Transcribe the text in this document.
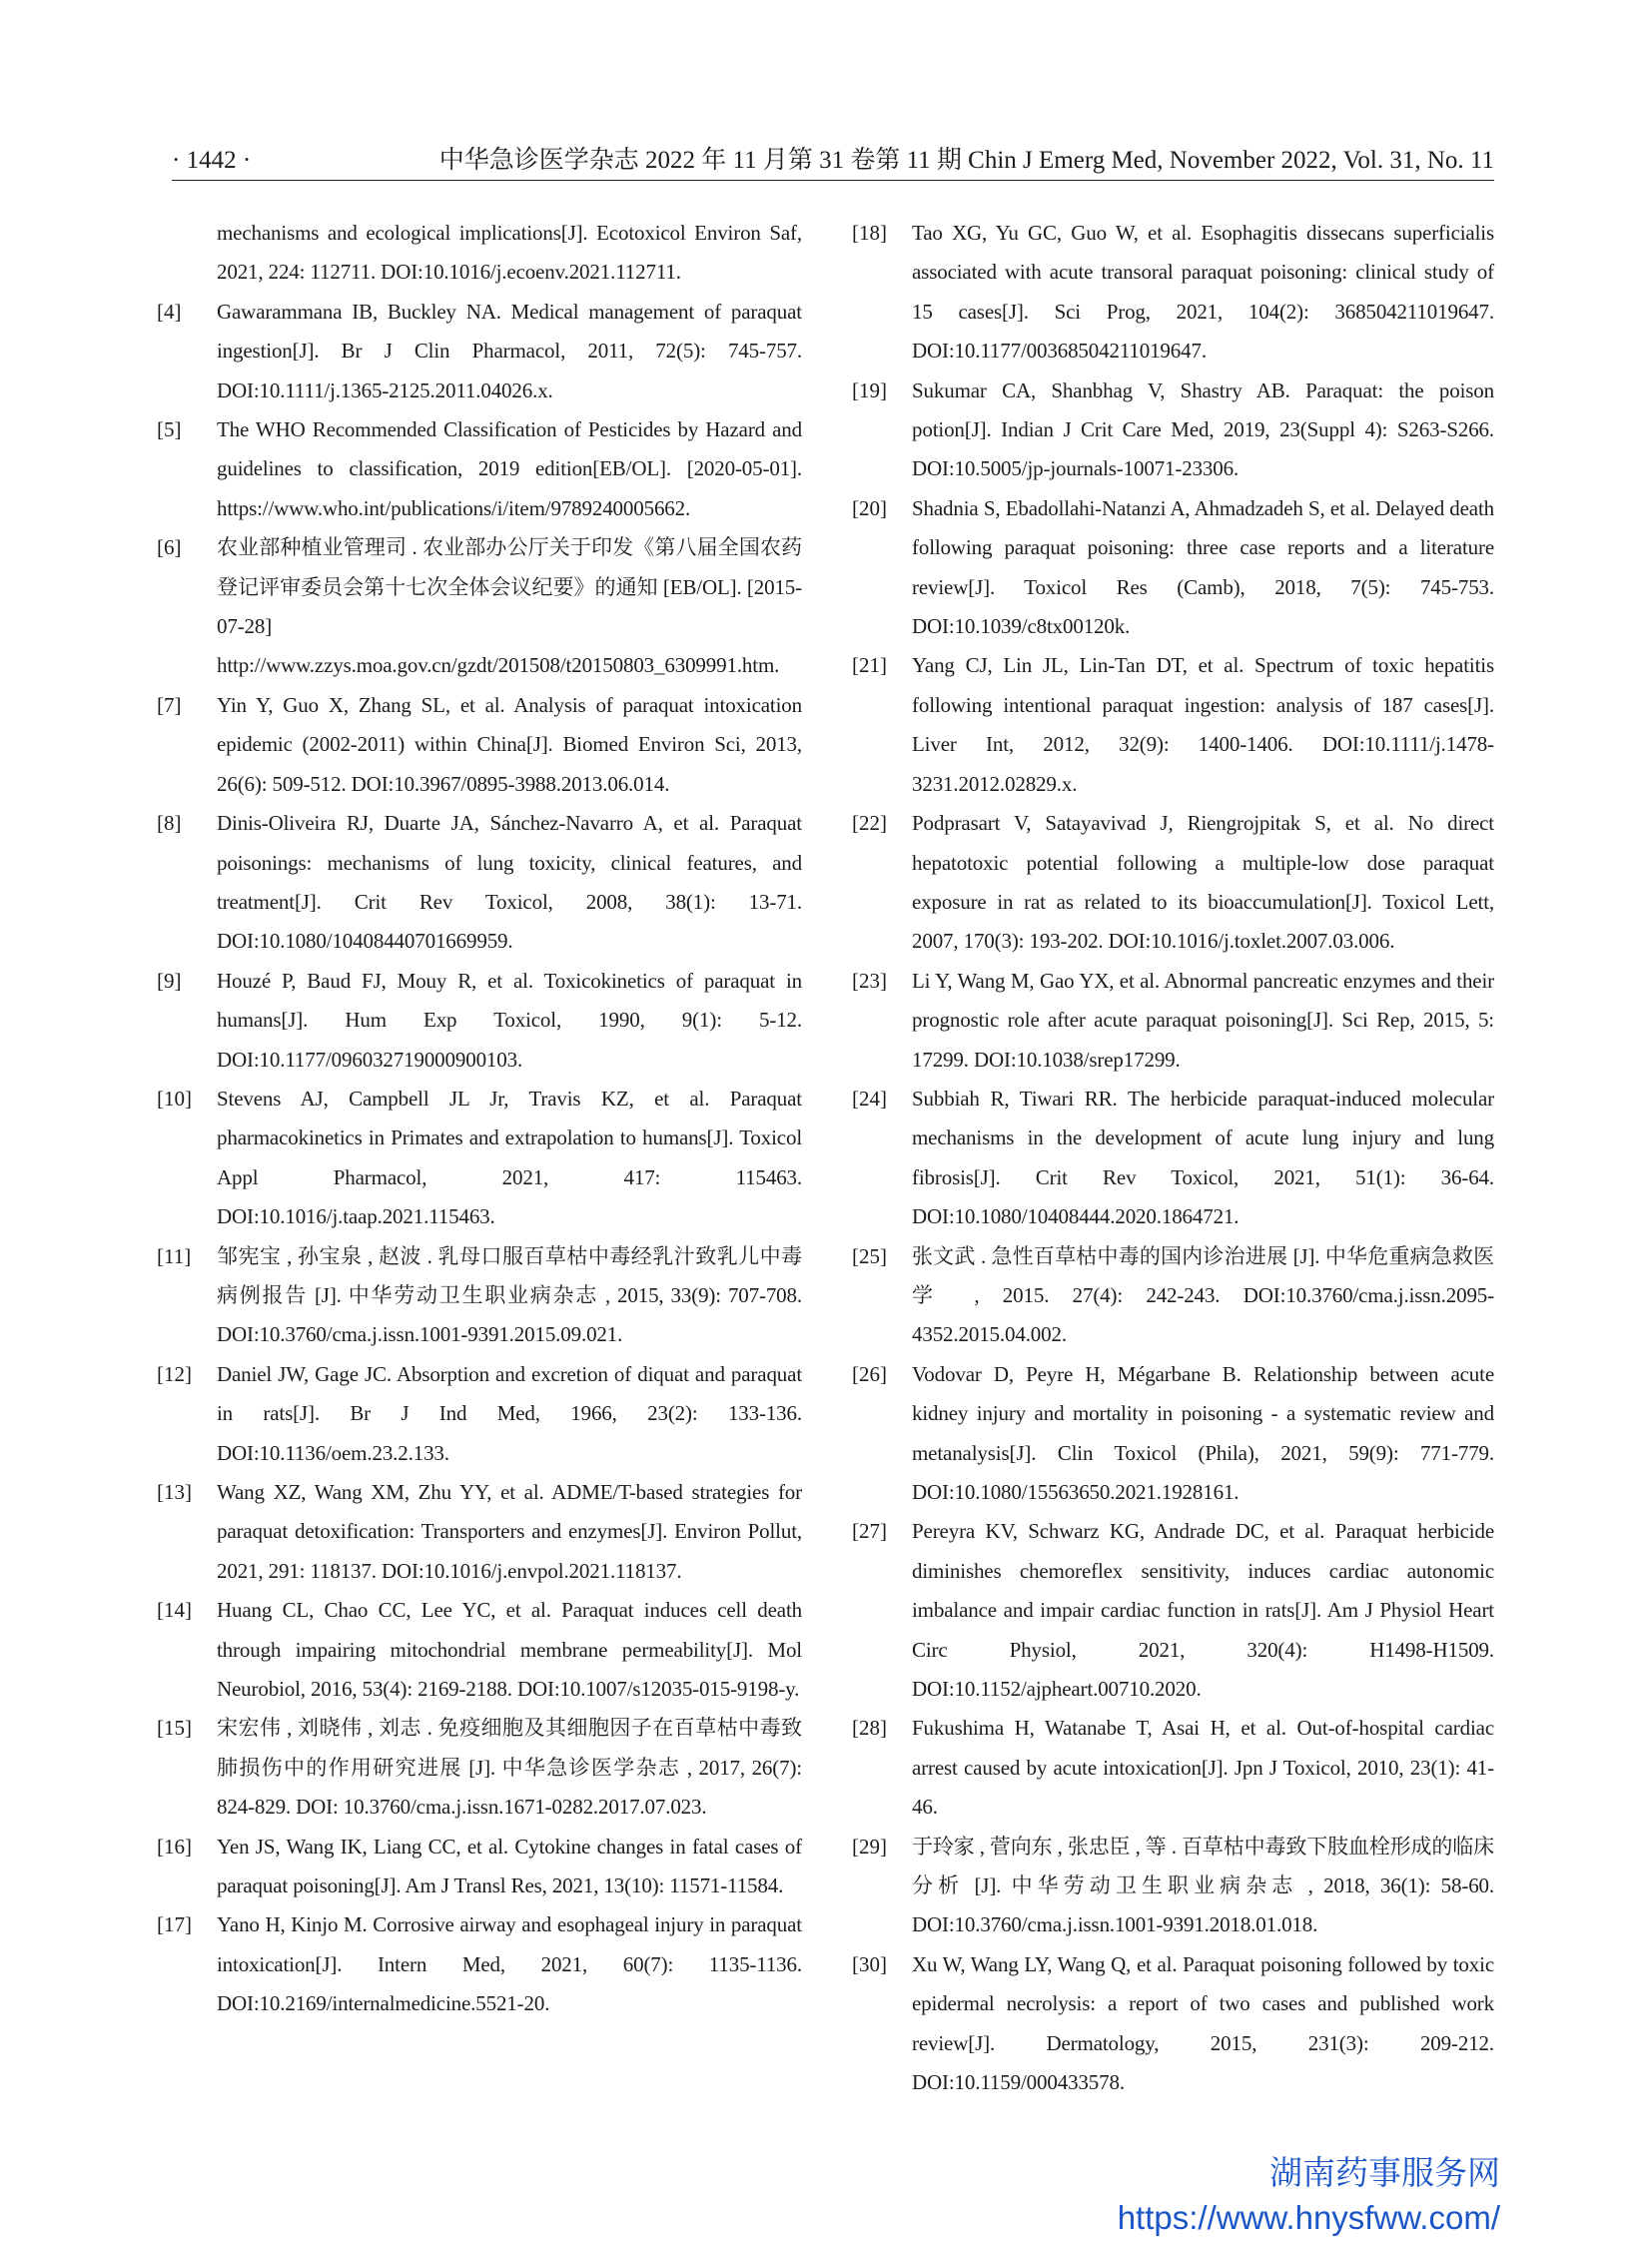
· 1442 ·	中华急诊医学杂志 2022 年 11 月第 31 卷第 11 期 Chin J Emerg Med, November 2022, Vol. 31, No. 11
mechanisms and ecological implications[J]. Ecotoxicol Environ Saf, 2021, 224: 112711. DOI:10.1016/j.ecoenv.2021.112711.
[4] Gawarammana IB, Buckley NA. Medical management of paraquat ingestion[J]. Br J Clin Pharmacol, 2011, 72(5): 745-757. DOI:10.1111/j.1365-2125.2011.04026.x.
[5] The WHO Recommended Classification of Pesticides by Hazard and guidelines to classification, 2019 edition[EB/OL]. [2020-05-01]. https://www.who.int/publications/i/item/9789240005662.
[6] 农业部种植业管理司 . 农业部办公厅关于印发《第八届全国农药登记评审委员会第十七次全体会议纪要》的通知 [EB/OL]. [2015-07-28] http://www.zzys.moa.gov.cn/gzdt/201508/t20150803_6309991.htm.
[7] Yin Y, Guo X, Zhang SL, et al. Analysis of paraquat intoxication epidemic (2002-2011) within China[J]. Biomed Environ Sci, 2013, 26(6): 509-512. DOI:10.3967/0895-3988.2013.06.014.
[8] Dinis-Oliveira RJ, Duarte JA, Sánchez-Navarro A, et al. Paraquat poisonings: mechanisms of lung toxicity, clinical features, and treatment[J]. Crit Rev Toxicol, 2008, 38(1): 13-71. DOI:10.1080/10408440701669959.
[9] Houzé P, Baud FJ, Mouy R, et al. Toxicokinetics of paraquat in humans[J]. Hum Exp Toxicol, 1990, 9(1): 5-12. DOI:10.1177/096032719000900103.
[10] Stevens AJ, Campbell JL Jr, Travis KZ, et al. Paraquat pharmacokinetics in Primates and extrapolation to humans[J]. Toxicol Appl Pharmacol, 2021, 417: 115463. DOI:10.1016/j.taap.2021.115463.
[11] 邹宪宝 , 孙宝泉 , 赵波 . 乳母口服百草枯中毒经乳汁致乳儿中毒病例报告 [J]. 中华劳动卫生职业病杂志 , 2015, 33(9): 707-708. DOI:10.3760/cma.j.issn.1001-9391.2015.09.021.
[12] Daniel JW, Gage JC. Absorption and excretion of diquat and paraquat in rats[J]. Br J Ind Med, 1966, 23(2): 133-136. DOI:10.1136/oem.23.2.133.
[13] Wang XZ, Wang XM, Zhu YY, et al. ADME/T-based strategies for paraquat detoxification: Transporters and enzymes[J]. Environ Pollut, 2021, 291: 118137. DOI:10.1016/j.envpol.2021.118137.
[14] Huang CL, Chao CC, Lee YC, et al. Paraquat induces cell death through impairing mitochondrial membrane permeability[J]. Mol Neurobiol, 2016, 53(4): 2169-2188. DOI:10.1007/s12035-015-9198-y.
[15] 宋宏伟 , 刘晓伟 , 刘志 . 免疫细胞及其细胞因子在百草枯中毒致肺损伤中的作用研究进展 [J]. 中华急诊医学杂志 , 2017, 26(7): 824-829. DOI: 10.3760/cma.j.issn.1671-0282.2017.07.023.
[16] Yen JS, Wang IK, Liang CC, et al. Cytokine changes in fatal cases of paraquat poisoning[J]. Am J Transl Res, 2021, 13(10): 11571-11584.
[17] Yano H, Kinjo M. Corrosive airway and esophageal injury in paraquat intoxication[J]. Intern Med, 2021, 60(7): 1135-1136. DOI:10.2169/internalmedicine.5521-20.
[18] Tao XG, Yu GC, Guo W, et al. Esophagitis dissecans superficialis associated with acute transoral paraquat poisoning: clinical study of 15 cases[J]. Sci Prog, 2021, 104(2): 368504211019647. DOI:10.1177/00368504211019647.
[19] Sukumar CA, Shanbhag V, Shastry AB. Paraquat: the poison potion[J]. Indian J Crit Care Med, 2019, 23(Suppl 4): S263-S266. DOI:10.5005/jp-journals-10071-23306.
[20] Shadnia S, Ebadollahi-Natanzi A, Ahmadzadeh S, et al. Delayed death following paraquat poisoning: three case reports and a literature review[J]. Toxicol Res (Camb), 2018, 7(5): 745-753. DOI:10.1039/c8tx00120k.
[21] Yang CJ, Lin JL, Lin-Tan DT, et al. Spectrum of toxic hepatitis following intentional paraquat ingestion: analysis of 187 cases[J]. Liver Int, 2012, 32(9): 1400-1406. DOI:10.1111/j.1478-3231.2012.02829.x.
[22] Podprasart V, Satayavivad J, Riengrojpitak S, et al. No direct hepatotoxic potential following a multiple-low dose paraquat exposure in rat as related to its bioaccumulation[J]. Toxicol Lett, 2007, 170(3): 193-202. DOI:10.1016/j.toxlet.2007.03.006.
[23] Li Y, Wang M, Gao YX, et al. Abnormal pancreatic enzymes and their prognostic role after acute paraquat poisoning[J]. Sci Rep, 2015, 5: 17299. DOI:10.1038/srep17299.
[24] Subbiah R, Tiwari RR. The herbicide paraquat-induced molecular mechanisms in the development of acute lung injury and lung fibrosis[J]. Crit Rev Toxicol, 2021, 51(1): 36-64. DOI:10.1080/10408444.2020.1864721.
[25] 张文武 . 急性百草枯中毒的国内诊治进展 [J]. 中华危重病急救医学 , 2015. 27(4): 242-243. DOI:10.3760/cma.j.issn.2095-4352.2015.04.002.
[26] Vodovar D, Peyre H, Mégarbane B. Relationship between acute kidney injury and mortality in poisoning - a systematic review and metanalysis[J]. Clin Toxicol (Phila), 2021, 59(9): 771-779. DOI:10.1080/15563650.2021.1928161.
[27] Pereyra KV, Schwarz KG, Andrade DC, et al. Paraquat herbicide diminishes chemoreflex sensitivity, induces cardiac autonomic imbalance and impair cardiac function in rats[J]. Am J Physiol Heart Circ Physiol, 2021, 320(4): H1498-H1509. DOI:10.1152/ajpheart.00710.2020.
[28] Fukushima H, Watanabe T, Asai H, et al. Out-of-hospital cardiac arrest caused by acute intoxication[J]. Jpn J Toxicol, 2010, 23(1): 41-46.
[29] 于玲家 , 菅向东 , 张忠臣 , 等 . 百草枯中毒致下肢血栓形成的临床分析 [J]. 中华劳动卫生职业病杂志 , 2018, 36(1): 58-60. DOI:10.3760/cma.j.issn.1001-9391.2018.01.018.
[30] Xu W, Wang LY, Wang Q, et al. Paraquat poisoning followed by toxic epidermal necrolysis: a report of two cases and published work review[J]. Dermatology, 2015, 231(3): 209-212. DOI:10.1159/000433578.
湖南药事服务网
https://www.hnysfww.com/
